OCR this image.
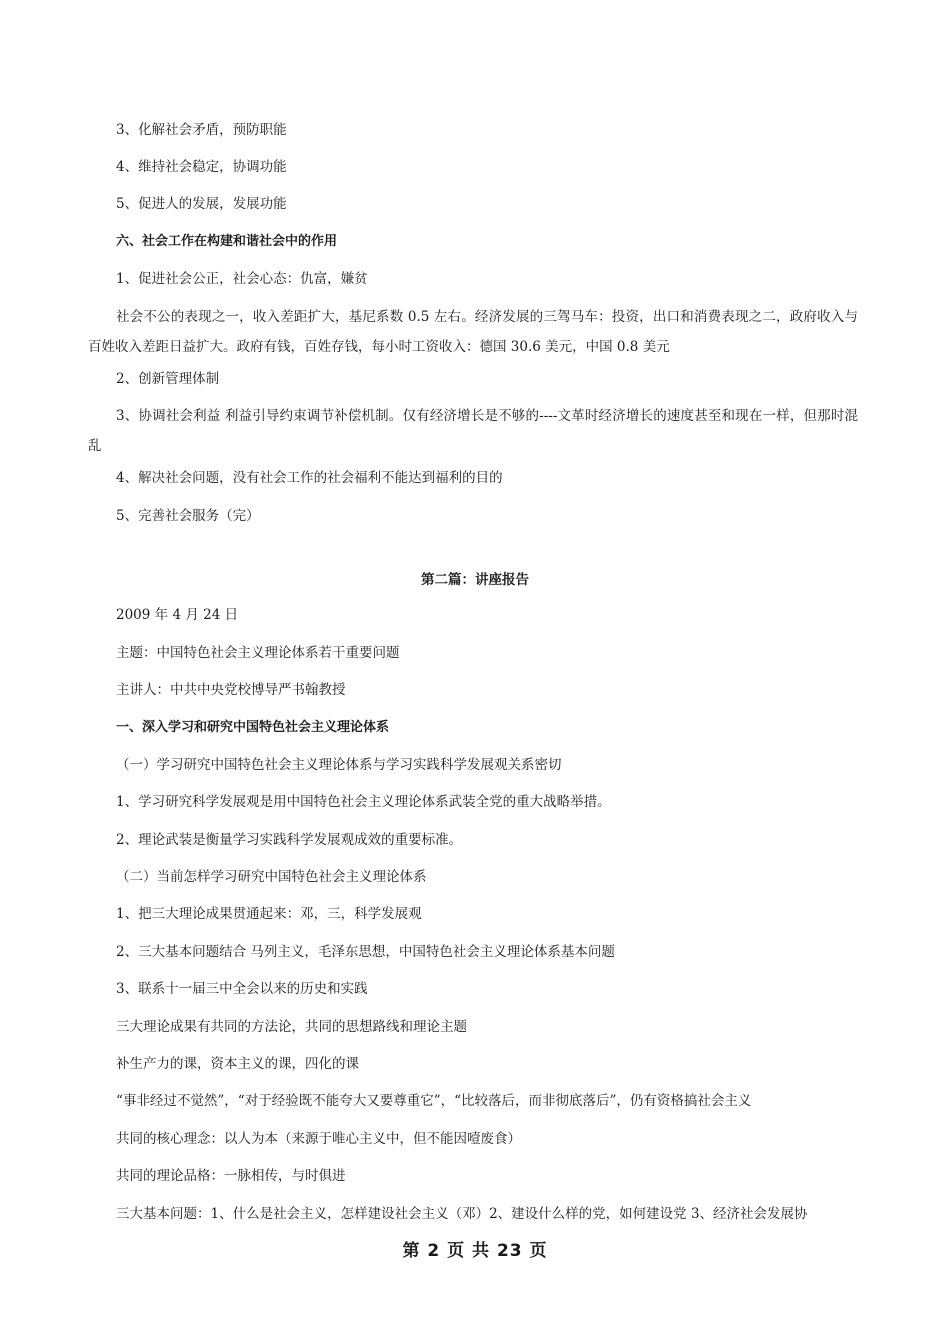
3、化解社会矛盾，预防职能
4、维持社会稳定，协调功能
5、促进人的发展，发展功能
六、社会工作在构建和谐社会中的作用
1、促进社会公正，社会心态：仇富，嫌贫
社会不公的表现之一，收入差距扩大，基尼系数 0.5 左右。经济发展的三驾马车：投资，出口和消费表现之二，政府收入与百姓收入差距日益扩大。政府有钱，百姓存钱，每小时工资收入：德国 30.6 美元，中国 0.8 美元
2、创新管理体制
3、协调社会利益 利益引导约束调节补偿机制。仅有经济增长是不够的----文革时经济增长的速度甚至和现在一样，但那时混乱
4、解决社会问题，没有社会工作的社会福利不能达到福利的目的
5、完善社会服务（完）
第二篇：讲座报告
2009 年 4 月 24 日
主题：中国特色社会主义理论体系若干重要问题
主讲人：中共中央党校博导严书翰教授
一、深入学习和研究中国特色社会主义理论体系
（一）学习研究中国特色社会主义理论体系与学习实践科学发展观关系密切
1、学习研究科学发展观是用中国特色社会主义理论体系武装全党的重大战略举措。
2、理论武装是衡量学习实践科学发展观成效的重要标准。
（二）当前怎样学习研究中国特色社会主义理论体系
1、把三大理论成果贯通起来：邓，三，科学发展观
2、三大基本问题结合 马列主义，毛泽东思想，中国特色社会主义理论体系基本问题
3、联系十一届三中全会以来的历史和实践
三大理论成果有共同的方法论，共同的思想路线和理论主题
补生产力的课，资本主义的课，四化的课
“事非经过不觉然”，“对于经验既不能夸大又要尊重它”，“比较落后，而非彻底落后”，仍有资格搞社会主义
共同的核心理念：以人为本（来源于唯心主义中，但不能因噎废食）
共同的理论品格：一脉相传，与时俱进
三大基本问题：1、什么是社会主义，怎样建设社会主义（邓）2、建设什么样的党，如何建设党 3、经济社会发展协
第 2 页 共 23 页
